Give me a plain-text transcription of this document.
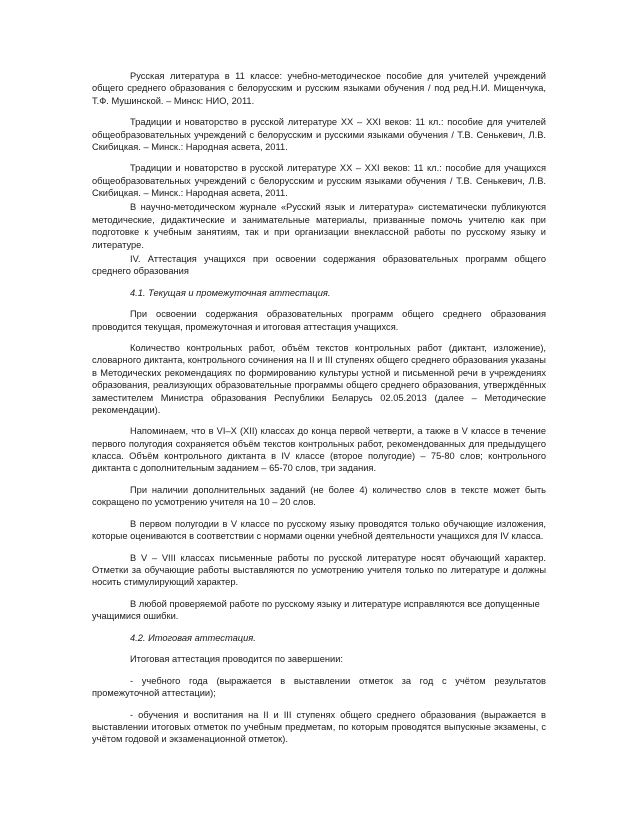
Русская литература в 11 классе: учебно-методическое пособие для учителей учреждений общего среднего образования с белорусским и русским языками обучения / под ред.Н.И. Мищенчука, Т.Ф. Мушинской. – Минск: НИО, 2011.

Традиции и новаторство в русской литературе XX – XXI веков: 11 кл.: пособие для учителей общеобразовательных учреждений с белорусским и русскими языками обучения / Т.В. Сенькевич, Л.В. Скибицкая. – Минск.: Народная асвета, 2011.

Традиции и новаторство в русской литературе XX – XXI веков: 11 кл.: пособие для учащихся общеобразовательных учреждений с белорусским и русским языками обучения / Т.В. Сенькевич, Л.В. Скибицкая. – Минск.: Народная асвета, 2011.

В научно-методическом журнале «Русский язык и литература» систематически публикуются методические, дидактические и занимательные материалы, призванные помочь учителю как при подготовке к учебным занятиям, так и при организации внеклассной работы по русскому языку и литературе.

IV. Аттестация учащихся при освоении содержания образовательных программ общего среднего образования

4.1. Текущая и промежуточная аттестация.

При освоении содержания образовательных программ общего среднего образования проводится текущая, промежуточная и итоговая аттестация учащихся.

Количество контрольных работ, объём текстов контрольных работ (диктант, изложение), словарного диктанта, контрольного сочинения на II и III ступенях общего среднего образования указаны в Методических рекомендациях по формированию культуры устной и письменной речи в учреждениях образования, реализующих образовательные программы общего среднего образования, утверждённых заместителем Министра образования Республики Беларусь 02.05.2013 (далее – Методические рекомендации).

Напоминаем, что в VI–X (XII) классах до конца первой четверти, а также в V классе в течение первого полугодия сохраняется объём текстов контрольных работ, рекомендованных для предыдущего класса. Объём контрольного диктанта в IV классе (второе полугодие) – 75-80 слов; контрольного диктанта с дополнительным заданием – 65-70 слов, три задания.

При наличии дополнительных заданий (не более 4) количество слов в тексте может быть сокращено по усмотрению учителя на 10 – 20 слов.

В первом полугодии в V классе по русскому языку проводятся только обучающие изложения, которые оцениваются в соответствии с нормами оценки учебной деятельности учащихся для IV класса.

В V – VIII классах письменные работы по русской литературе носят обучающий характер. Отметки за обучающие работы выставляются по усмотрению учителя только по литературе и должны носить стимулирующий характер.

В любой проверяемой работе по русскому языку и литературе исправляются все допущенные учащимися ошибки.

4.2. Итоговая аттестация.

Итоговая аттестация проводится по завершении:

- учебного года (выражается в выставлении отметок за год с учётом результатов промежуточной аттестации);

- обучения и воспитания на II и III ступенях общего среднего образования (выражается в выставлении итоговых отметок по учебным предметам, по которым проводятся выпускные экзамены, с учётом годовой и экзаменационной отметок).
